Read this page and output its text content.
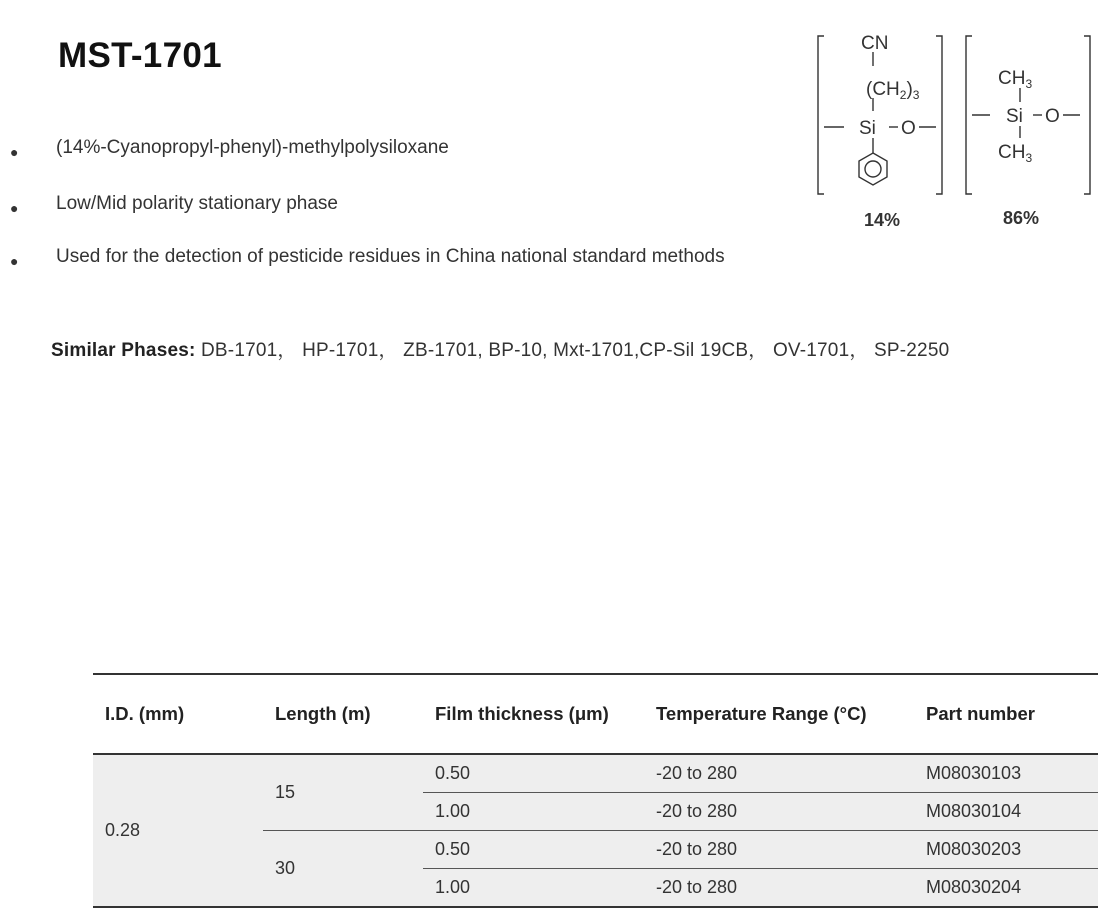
MST-1701
● (14%-Cyanopropyl-phenyl)-methylpolysiloxane
● Low/Mid polarity stationary phase
● Used for the detection of pesticide residues in China national standard methods
Similar Phases: DB-1701， HP-1701， ZB-1701, BP-10, Mxt-1701,CP-Sil 19CB， OV-1701， SP-2250
CN
$(CH_2)_3$
Si O
$CH_3$
Si O
$CH_3$
14%	86%
I.D. (mm)	Length (m)	Film thickness (μm)	Temperature Range (°C)	Part number
0.28	15	0.50	-20 to 280	M08030103
		1.00	-20 to 280	M08030104
	30	0.50	-20 to 280	M08030203
		1.00	-20 to 280	M08030204
